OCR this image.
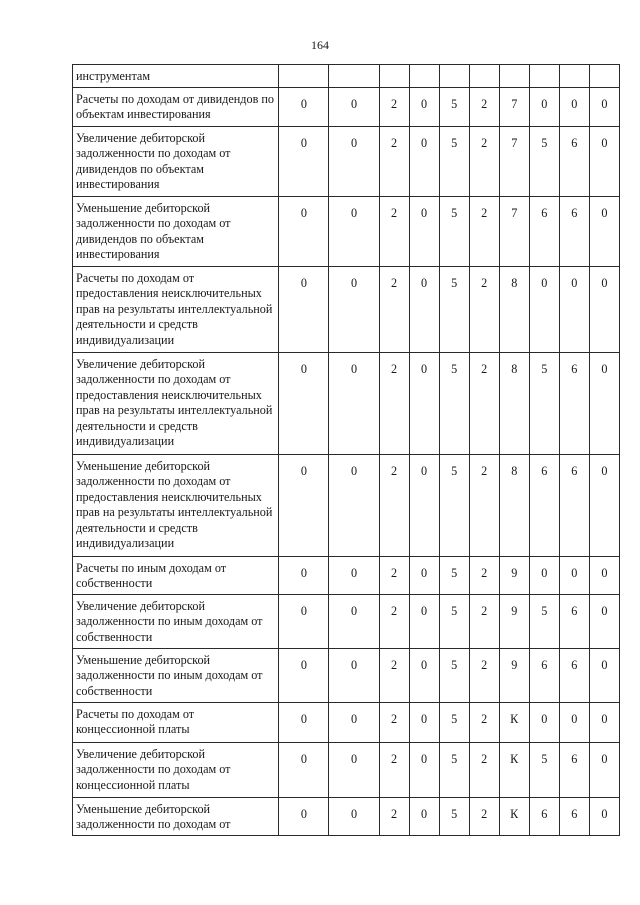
164
инструментам										
Расчеты по доходам от дивидендов по объектам инвестирования	0	0	2	0	5	2	7	0	0	0
Увеличение дебиторской задолженности по доходам от дивидендов по объектам инвестирования	0	0	2	0	5	2	7	5	6	0
Уменьшение дебиторской задолженности по доходам от дивидендов по объектам инвестирования	0	0	2	0	5	2	7	6	6	0
Расчеты по доходам от предоставления неисключительных прав на результаты интеллектуальной деятельности и средств индивидуализации	0	0	2	0	5	2	8	0	0	0
Увеличение дебиторской задолженности по доходам от предоставления неисключительных прав на результаты интеллектуальной деятельности и средств индивидуализации	0	0	2	0	5	2	8	5	6	0
Уменьшение дебиторской задолженности по доходам от предоставления неисключительных прав на результаты интеллектуальной деятельности и средств индивидуализации	0	0	2	0	5	2	8	6	6	0
Расчеты по иным доходам от собственности	0	0	2	0	5	2	9	0	0	0
Увеличение дебиторской задолженности по иным доходам от собственности	0	0	2	0	5	2	9	5	6	0
Уменьшение дебиторской задолженности по иным доходам от собственности	0	0	2	0	5	2	9	6	6	0
Расчеты по доходам от концессионной платы	0	0	2	0	5	2	К	0	0	0
Увеличение дебиторской задолженности по доходам от концессионной платы	0	0	2	0	5	2	К	5	6	0
Уменьшение дебиторской задолженности по доходам от	0	0	2	0	5	2	К	6	6	0
